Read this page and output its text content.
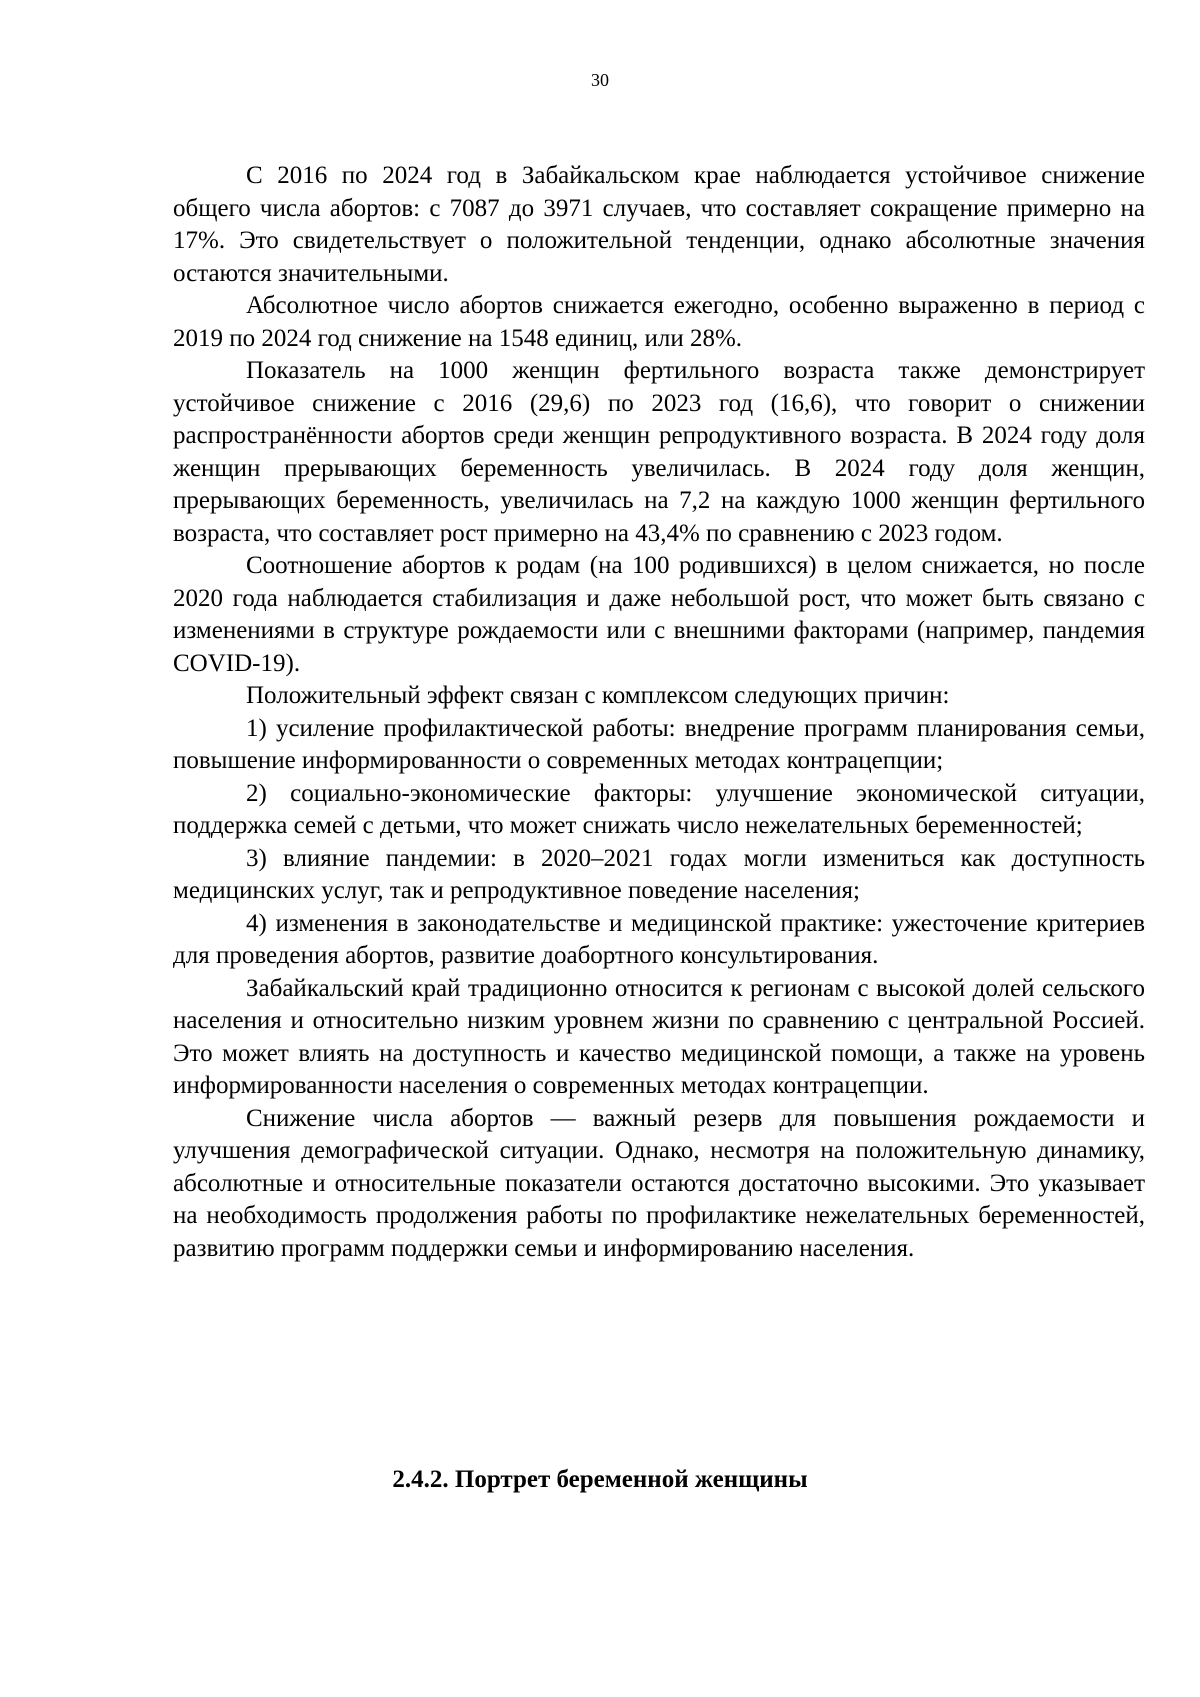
30

С 2016 по 2024 год в Забайкальском крае наблюдается устойчивое снижение общего числа абортов: с 7087 до 3971 случаев, что составляет сокращение примерно на 17%. Это свидетельствует о положительной тенденции, однако абсолютные значения остаются значительными.

Абсолютное число абортов снижается ежегодно, особенно выраженно в период с 2019 по 2024 год снижение на 1548 единиц, или 28%.

Показатель на 1000 женщин фертильного возраста также демонстрирует устойчивое снижение с 2016 (29,6) по 2023 год (16,6), что говорит о снижении распространённости абортов среди женщин репродуктивного возраста. В 2024 году доля женщин прерывающих беременность увеличилась. В 2024 году доля женщин, прерывающих беременность, увеличилась на 7,2 на каждую 1000 женщин фертильного возраста, что составляет рост примерно на 43,4% по сравнению с 2023 годом.

Соотношение абортов к родам (на 100 родившихся) в целом снижается, но после 2020 года наблюдается стабилизация и даже небольшой рост, что может быть связано с изменениями в структуре рождаемости или с внешними факторами (например, пандемия COVID-19).

Положительный эффект связан с комплексом следующих причин:

1) усиление профилактической работы: внедрение программ планирования семьи, повышение информированности о современных методах контрацепции;

2) социально-экономические факторы: улучшение экономической ситуации, поддержка семей с детьми, что может снижать число нежелательных беременностей;

3) влияние пандемии: в 2020–2021 годах могли измениться как доступность медицинских услуг, так и репродуктивное поведение населения;

4) изменения в законодательстве и медицинской практике: ужесточение критериев для проведения абортов, развитие доабортного консультирования.

Забайкальский край традиционно относится к регионам с высокой долей сельского населения и относительно низким уровнем жизни по сравнению с центральной Россией. Это может влиять на доступность и качество медицинской помощи, а также на уровень информированности населения о современных методах контрацепции.

Снижение числа абортов — важный резерв для повышения рождаемости и улучшения демографической ситуации. Однако, несмотря на положительную динамику, абсолютные и относительные показатели остаются достаточно высокими. Это указывает на необходимость продолжения работы по профилактике нежелательных беременностей, развитию программ поддержки семьи и информированию населения.

2.4.2. Портрет беременной женщины
